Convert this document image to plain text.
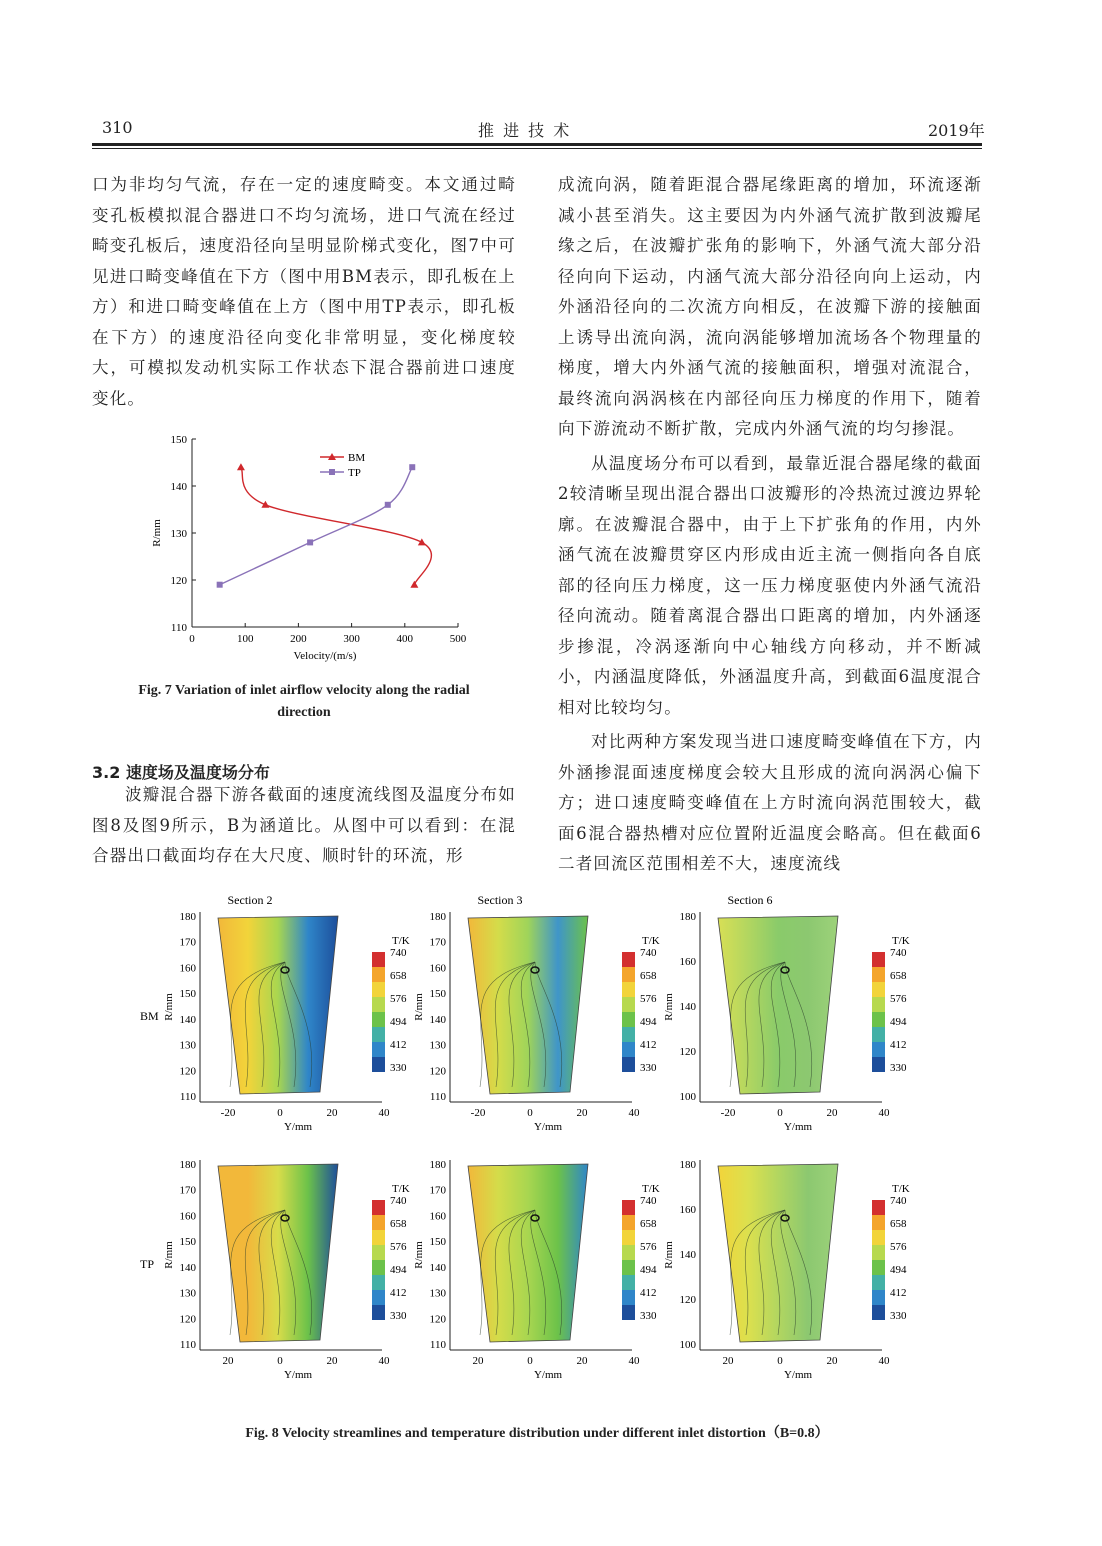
310	推 进 技 术	2019年

口为非均匀气流，存在一定的速度畸变。本文通过畸变孔板模拟混合器进口不均匀流场，进口气流在经过畸变孔板后，速度沿径向呈明显阶梯式变化，图7中可见进口畸变峰值在下方（图中用BM表示，即孔板在上方）和进口畸变峰值在上方（图中用TP表示，即孔板在下方）的速度沿径向变化非常明显，变化梯度较大，可模拟发动机实际工作状态下混合器前进口速度变化。

成流向涡，随着距混合器尾缘距离的增加，环流逐渐减小甚至消失。这主要因为内外涵气流扩散到波瓣尾缘之后，在波瓣扩张角的影响下，外涵气流大部分沿径向向下运动，内涵气流大部分沿径向向上运动，内外涵沿径向的二次流方向相反，在波瓣下游的接触面上诱导出流向涡，流向涡能够增加流场各个物理量的梯度，增大内外涵气流的接触面积，增强对流混合，最终流向涡涡核在内部径向压力梯度的作用下，随着向下游流动不断扩散，完成内外涵气流的均匀掺混。

从温度场分布可以看到，最靠近混合器尾缘的截面2较清晰呈现出混合器出口波瓣形的冷热流过渡边界轮廓。在波瓣混合器中，由于上下扩张角的作用，内外涵气流在波瓣贯穿区内形成由近主流一侧指向各自底部的径向压力梯度，这一压力梯度驱使内外涵气流沿径向流动。随着离混合器出口距离的增加，内外涵逐步掺混，冷涡逐渐向中心轴线方向移动，并不断减小，内涵温度降低，外涵温度升高，到截面6温度混合相对比较均匀。

对比两种方案发现当进口速度畸变峰值在下方，内外涵掺混面速度梯度会较大且形成的流向涡涡心偏下方；进口速度畸变峰值在上方时流向涡范围较大，截面6混合器热槽对应位置附近温度会略高。但在截面6二者回流区范围相差不大，速度流线

0	100	200	300	400	500
110
120
130
140
150
Velocity/(m/s)
R/mm
BM
TP
Fig. 7 Variation of inlet airflow velocity along the radial
direction
3.2 速度场及温度场分布

波瓣混合器下游各截面的速度流线图及温度分布如图8及图9所示，B为涵道比。从图中可以看到：在混合器出口截面均存在大尺度、顺时针的环流，形

Section 2	Section 3	Section 6
BM
TP
180
170
160
150
140
130
120
110
-20	0	20	40
Y/mm
R/mm
T/K
740
658
576
494
412
330
180
170
160
150
140
130
120
110
-20	0	20	40
Y/mm
R/mm
T/K
740
658
576
494
412
330
180
160
140
120
100
-20	0	20	40
Y/mm
R/mm
T/K
740
658
576
494
412
330
180
170
160
150
140
130
120
110
20	0	20	40
Y/mm
R/mm
T/K
740
658
576
494
412
330
180
170
160
150
140
130
120
110
20	0	20	40
Y/mm
R/mm
T/K
740
658
576
494
412
330
180
160
140
120
100
20	0	20	40
Y/mm
R/mm
T/K
740
658
576
494
412
330
Fig. 8 Velocity streamlines and temperature distribution under different inlet distortion（B=0.8）
